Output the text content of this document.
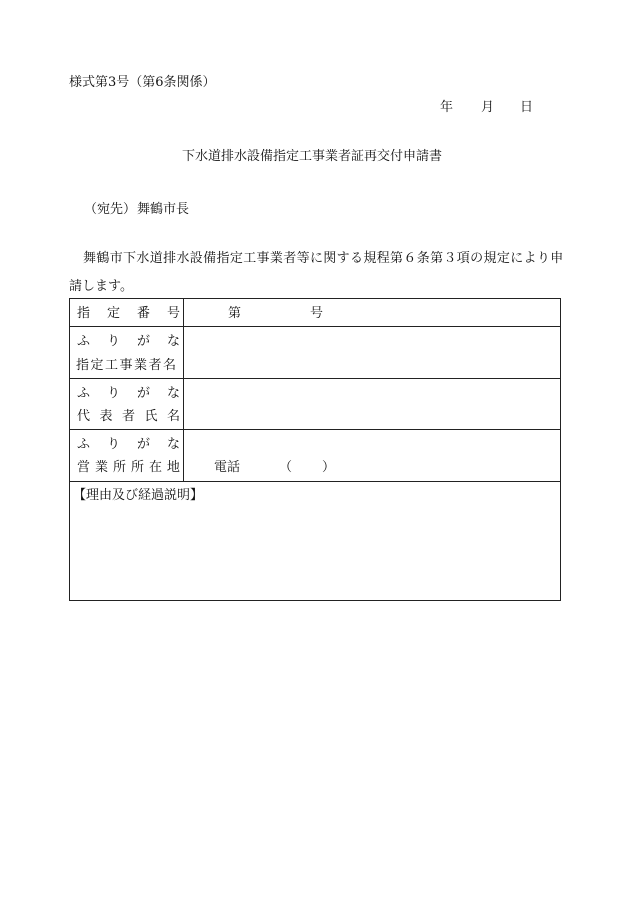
様式第3号（第6条関係）
年 月 日
下水道排水設備指定工事業者証再交付申請書
（宛先） 舞鶴市長
舞鶴市下水道排水設備指定工事業者等に関する規程第６条第３項の規定により申
請します。
指 定 番 号	第	号
ふ り が な
指定工事業者名
ふ り が な
代 表 者 氏 名
ふ り が な
営 業 所 所 在 地	電話	（ ）
【理由及び経過説明】
